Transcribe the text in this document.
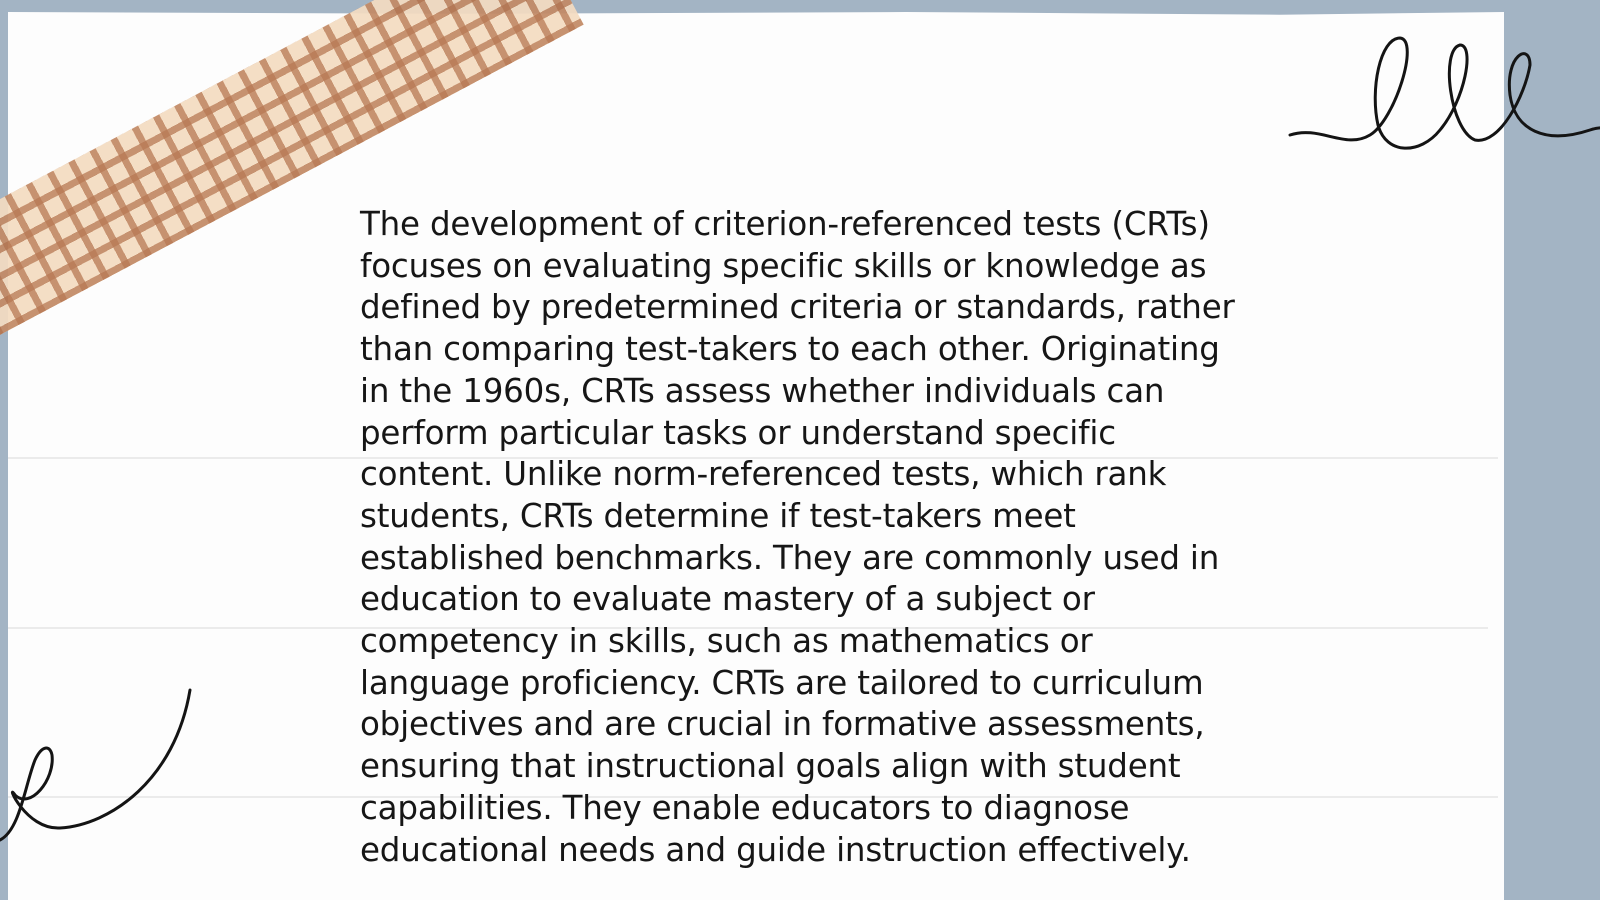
The development of criterion-referenced tests (CRTs) focuses on evaluating specific skills or knowledge as defined by predetermined criteria or standards, rather than comparing test-takers to each other. Originating in the 1960s, CRTs assess whether individuals can perform particular tasks or understand specific content. Unlike norm-referenced tests, which rank students, CRTs determine if test-takers meet established benchmarks. They are commonly used in education to evaluate mastery of a subject or competency in skills, such as mathematics or language proficiency. CRTs are tailored to curriculum objectives and are crucial in formative assessments, ensuring that instructional goals align with student capabilities. They enable educators to diagnose educational needs and guide instruction effectively.
